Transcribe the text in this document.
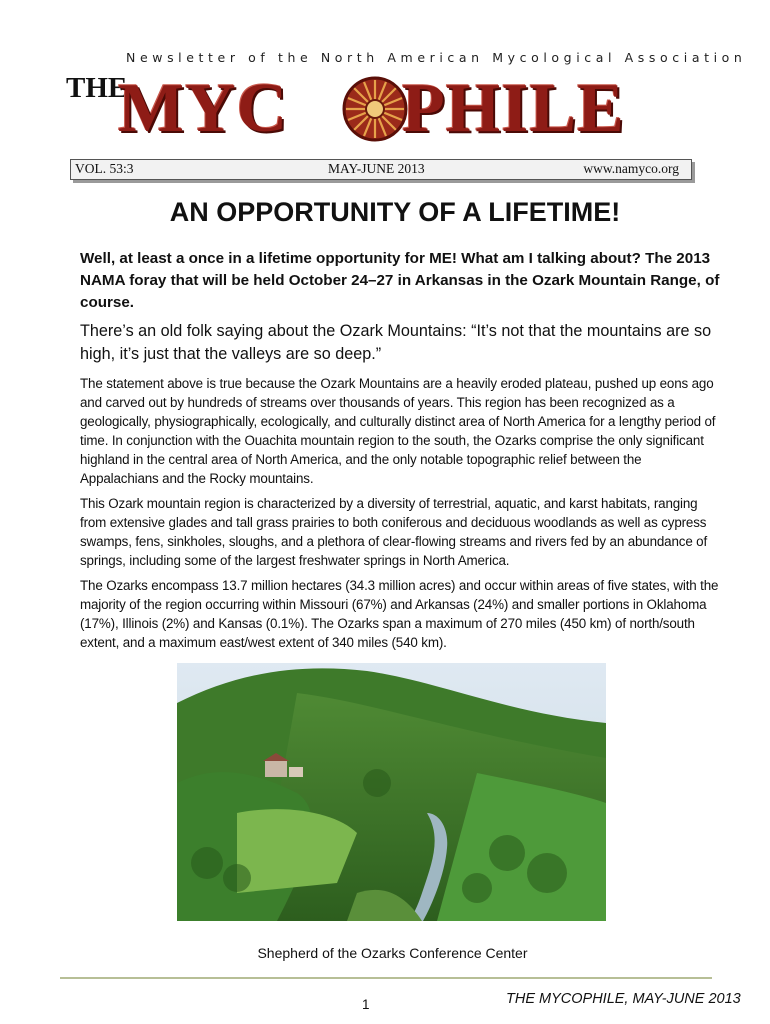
Newsletter of the North American Mycological Association
THE
MYC PHILE
VOL. 53:3	MAY-JUNE 2013	www.namyco.org
AN OPPORTUNITY OF A LIFETIME!

Well, at least a once in a lifetime opportunity for ME! What am I talking about? The 2013 NAMA foray that will be held October 24–27 in Arkansas in the Ozark Mountain Range, of course.

There’s an old folk saying about the Ozark Mountains: “It’s not that the mountains are so high, it’s just that the valleys are so deep.”

The statement above is true because the Ozark Mountains are a heavily eroded plateau, pushed up eons ago and carved out by hundreds of streams over thousands of years. This region has been recognized as a geologically, physiographically, ecologically, and culturally distinct area of North America for a lengthy period of time. In conjunction with the Ouachita mountain region to the south, the Ozarks comprise the only significant highland in the central area of North America, and the only notable topographic relief between the Appalachians and the Rocky mountains.

This Ozark mountain region is characterized by a diversity of terrestrial, aquatic, and karst habitats, ranging from extensive glades and tall grass prairies to both coniferous and deciduous woodlands as well as cypress swamps, fens, sinkholes, sloughs, and a plethora of clear-flowing streams and rivers fed by an abundance of springs, including some of the largest freshwater springs in North America.

The Ozarks encompass 13.7 million hectares (34.3 million acres) and occur within areas of five states, with the majority of the region occurring within Missouri (67%) and Arkansas (24%) and smaller portions in Oklahoma (17%), Illinois (2%) and Kansas (0.1%). The Ozarks span a maximum of 270 miles (450 km) of north/south extent, and a maximum east/west extent of 340 miles (540 km).

Shepherd of the Ozarks Conference Center
1	THE MYCOPHILE, MAY-JUNE 2013
